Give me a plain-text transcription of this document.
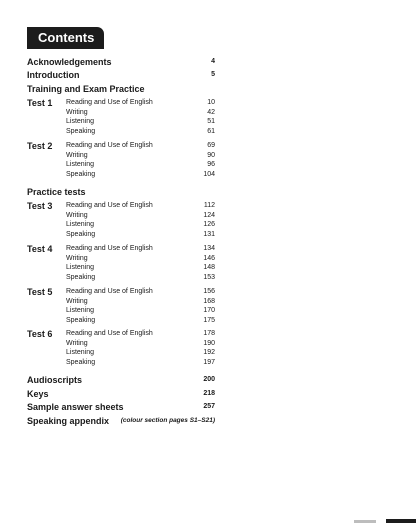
Contents
Acknowledgements	4
Introduction	5
Training and Exam Practice
Test 1 Reading and Use of English	10
Writing	42
Listening	51
Speaking	61
Test 2 Reading and Use of English	69
Writing	90
Listening	96
Speaking	104
Practice tests
Test 3 Reading and Use of English	112
Writing	124
Listening	126
Speaking	131
Test 4 Reading and Use of English	134
Writing	146
Listening	148
Speaking	153
Test 5 Reading and Use of English	156
Writing	168
Listening	170
Speaking	175
Test 6 Reading and Use of English	178
Writing	190
Listening	192
Speaking	197
Audioscripts	200
Keys	218
Sample answer sheets	257
Speaking appendix (colour section pages S1–S21)
